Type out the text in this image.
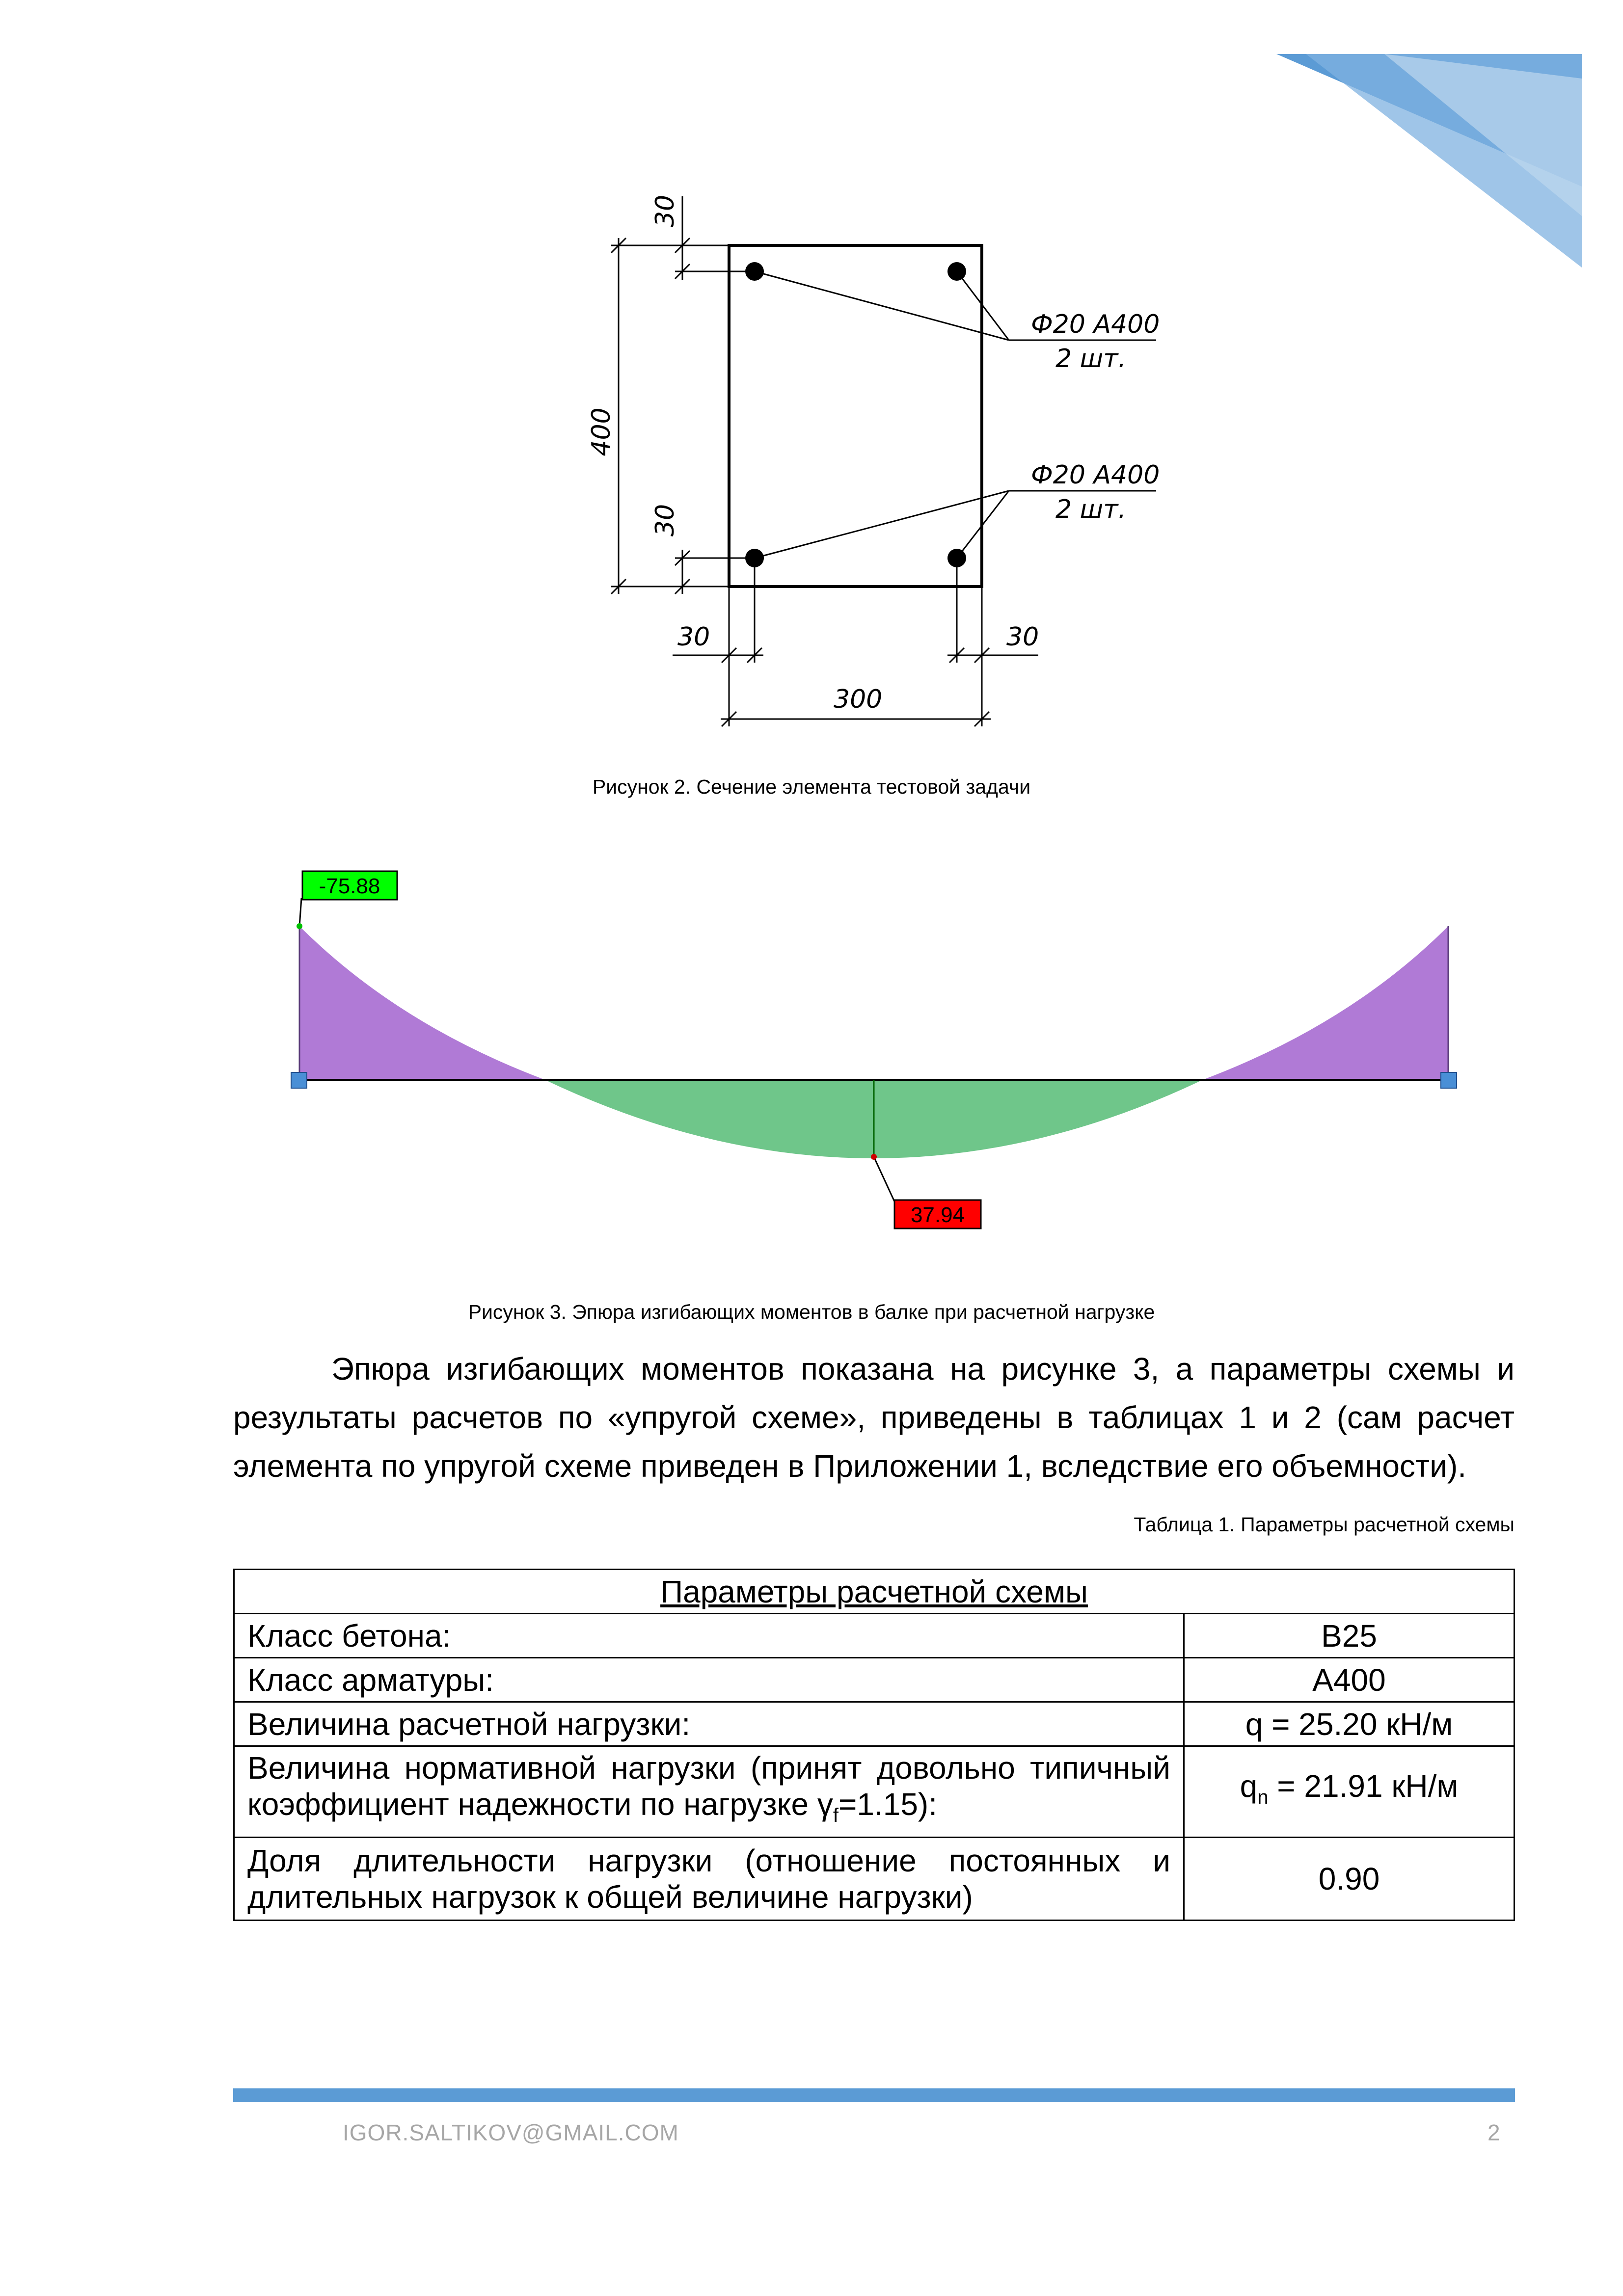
Ф20 А400
2 шт.
Ф20 А400
2 шт.
400
30
30
30	30
300
Рисунок 2. Сечение элемента тестовой задачи
-75.88
37.94
Рисунок 3. Эпюра изгибающих моментов в балке при расчетной нагрузке
Эпюра изгибающих моментов показана на рисунке 3, а параметры схемы и результаты расчетов по «упругой схеме», приведены в таблицах 1 и 2 (сам расчет элемента по упругой схеме приведен в Приложении 1, вследствие его объемности).
Таблица 1. Параметры расчетной схемы
Параметры расчетной схемы	
Класс бетона:	В25
Класс арматуры:	А400
Величина расчетной нагрузки:	q = 25.20 кН/м
Величина нормативной нагрузки (принят довольно типичный коэффициент надежности по нагрузке $\gamma_f=1.15$):	$q_n = 21.91$ кН/м
Доля длительности нагрузки (отношение постоянных и длительных нагрузок к общей величине нагрузки)	0.90
IGOR.SALTIKOV@GMAIL.COM	2
